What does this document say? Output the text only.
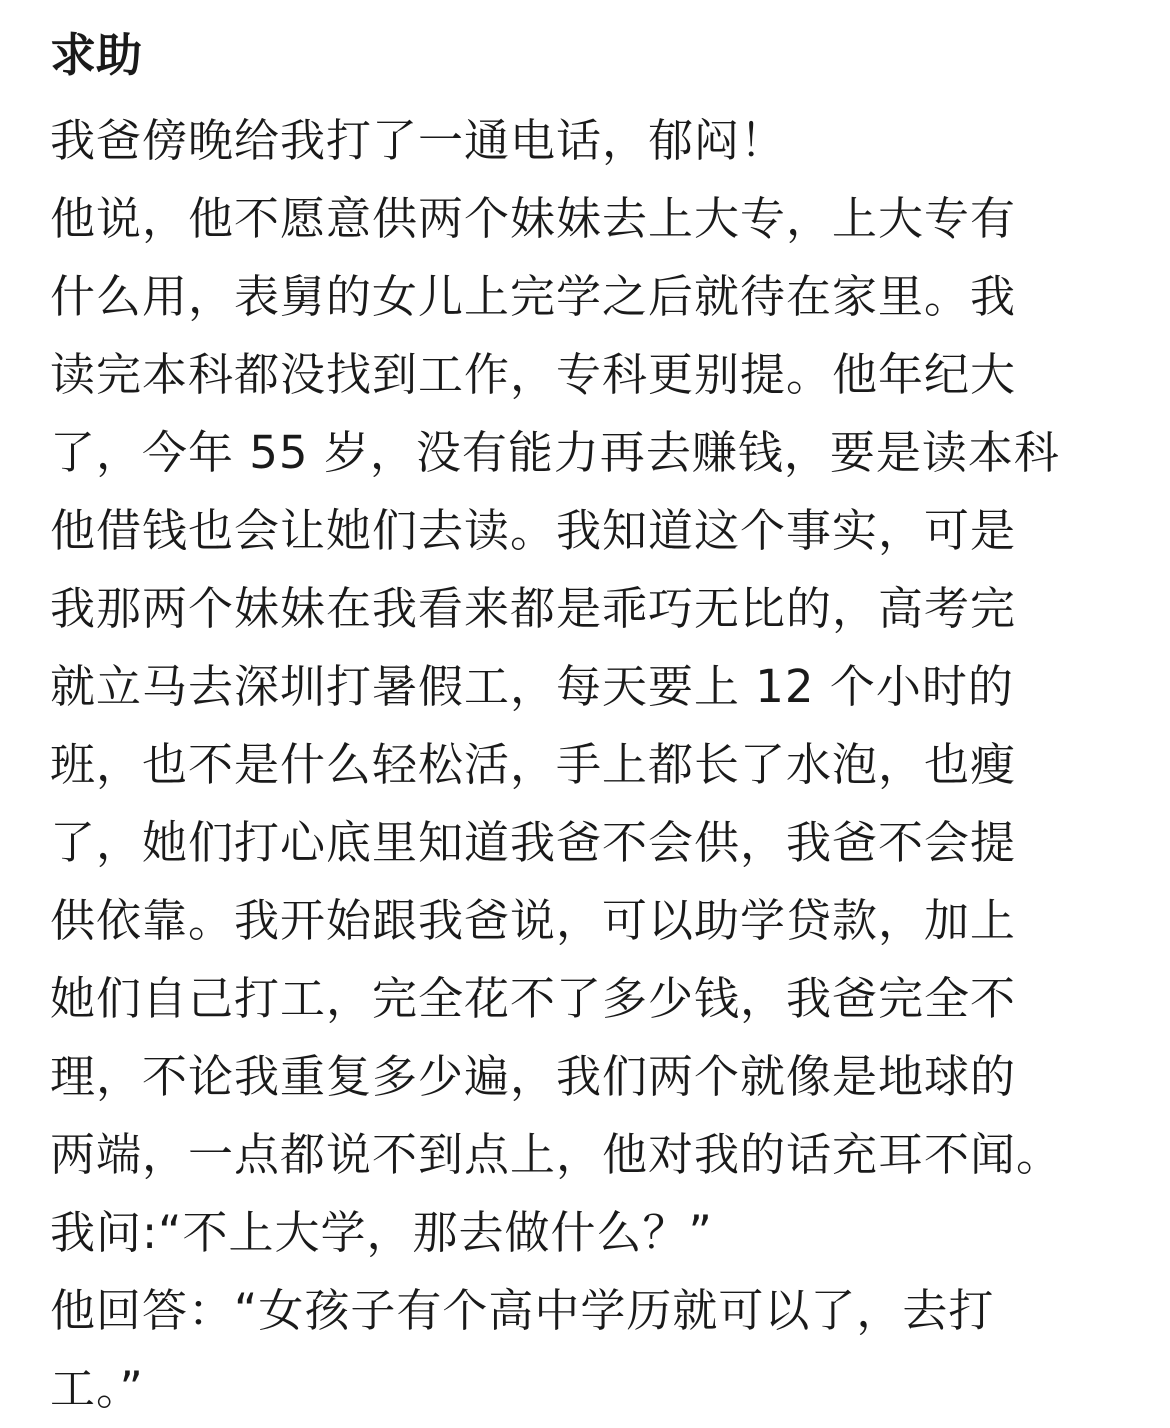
求助
我爸傍晚给我打了一通电话，郁闷！
他说，他不愿意供两个妹妹去上大专，上大专有
什么用，表舅的女儿上完学之后就待在家里。我
读完本科都没找到工作，专科更别提。他年纪大
了，今年 55 岁，没有能力再去赚钱，要是读本科
他借钱也会让她们去读。我知道这个事实，可是
我那两个妹妹在我看来都是乖巧无比的，高考完
就立马去深圳打暑假工，每天要上 12 个小时的
班，也不是什么轻松活，手上都长了水泡，也瘦
了，她们打心底里知道我爸不会供，我爸不会提
供依靠。我开始跟我爸说，可以助学贷款，加上
她们自己打工，完全花不了多少钱，我爸完全不
理，不论我重复多少遍，我们两个就像是地球的
两端，一点都说不到点上，他对我的话充耳不闻。
我问:“不上大学，那去做什么？”
他回答：“女孩子有个高中学历就可以了，去打
工。”
